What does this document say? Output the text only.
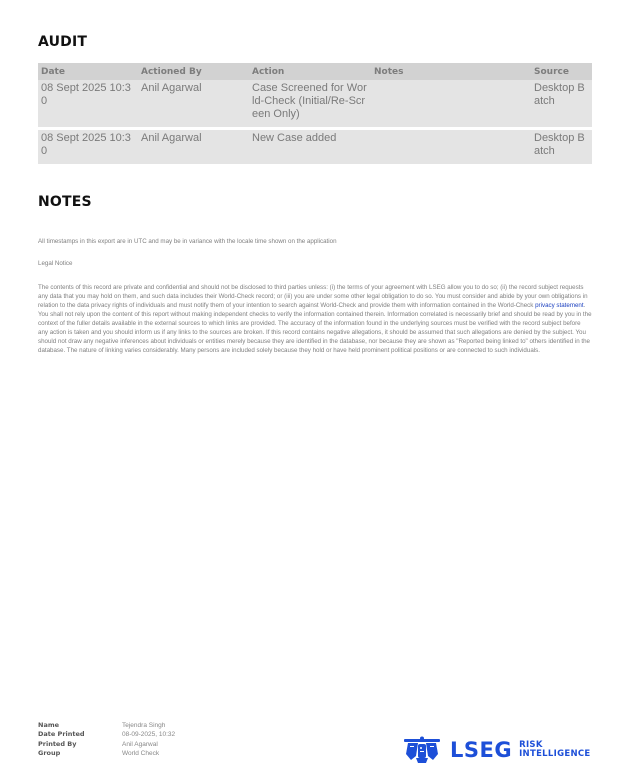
AUDIT
Date	Actioned By	Action	Notes	Source
08 Sept 2025 10:30	Anil Agarwal	Case Screened for World-Check (Initial/Re-Screen Only)		Desktop Batch

08 Sept 2025 10:30	Anil Agarwal	New Case added		Desktop Batch
NOTES
All timestamps in this export are in UTC and may be in variance with the locale time shown on the application
Legal Notice
The contents of this record are private and confidential and should not be disclosed to third parties unless: (i) the terms of your agreement with LSEG allow you to do so; (ii) the record subject requests any data that you may hold on them, and such data includes their World-Check record; or (iii) you are under some other legal obligation to do so. You must consider and abide by your own obligations in relation to the data privacy rights of individuals and must notify them of your intention to search against World-Check and provide them with information contained in the World-Check privacy statement. You shall not rely upon the content of this report without making independent checks to verify the information contained therein. Information correlated is necessarily brief and should be read by you in the context of the fuller details available in the external sources to which links are provided. The accuracy of the information found in the underlying sources must be verified with the record subject before any action is taken and you should inform us if any links to the sources are broken. If this record contains negative allegations, it should be assumed that such allegations are denied by the subject. You should not draw any negative inferences about individuals or entities merely because they are identified in the database, nor because they are shown as "Reported being linked to" others identified in the database. The nature of linking varies considerably. Many persons are included solely because they hold or have held prominent political positions or are connected to such individuals.
Name	Tejendra Singh
Date Printed	08-09-2025, 10:32
Printed By	Anil Agarwal
Group	World Check	LSEG RISK
INTELLIGENCE
